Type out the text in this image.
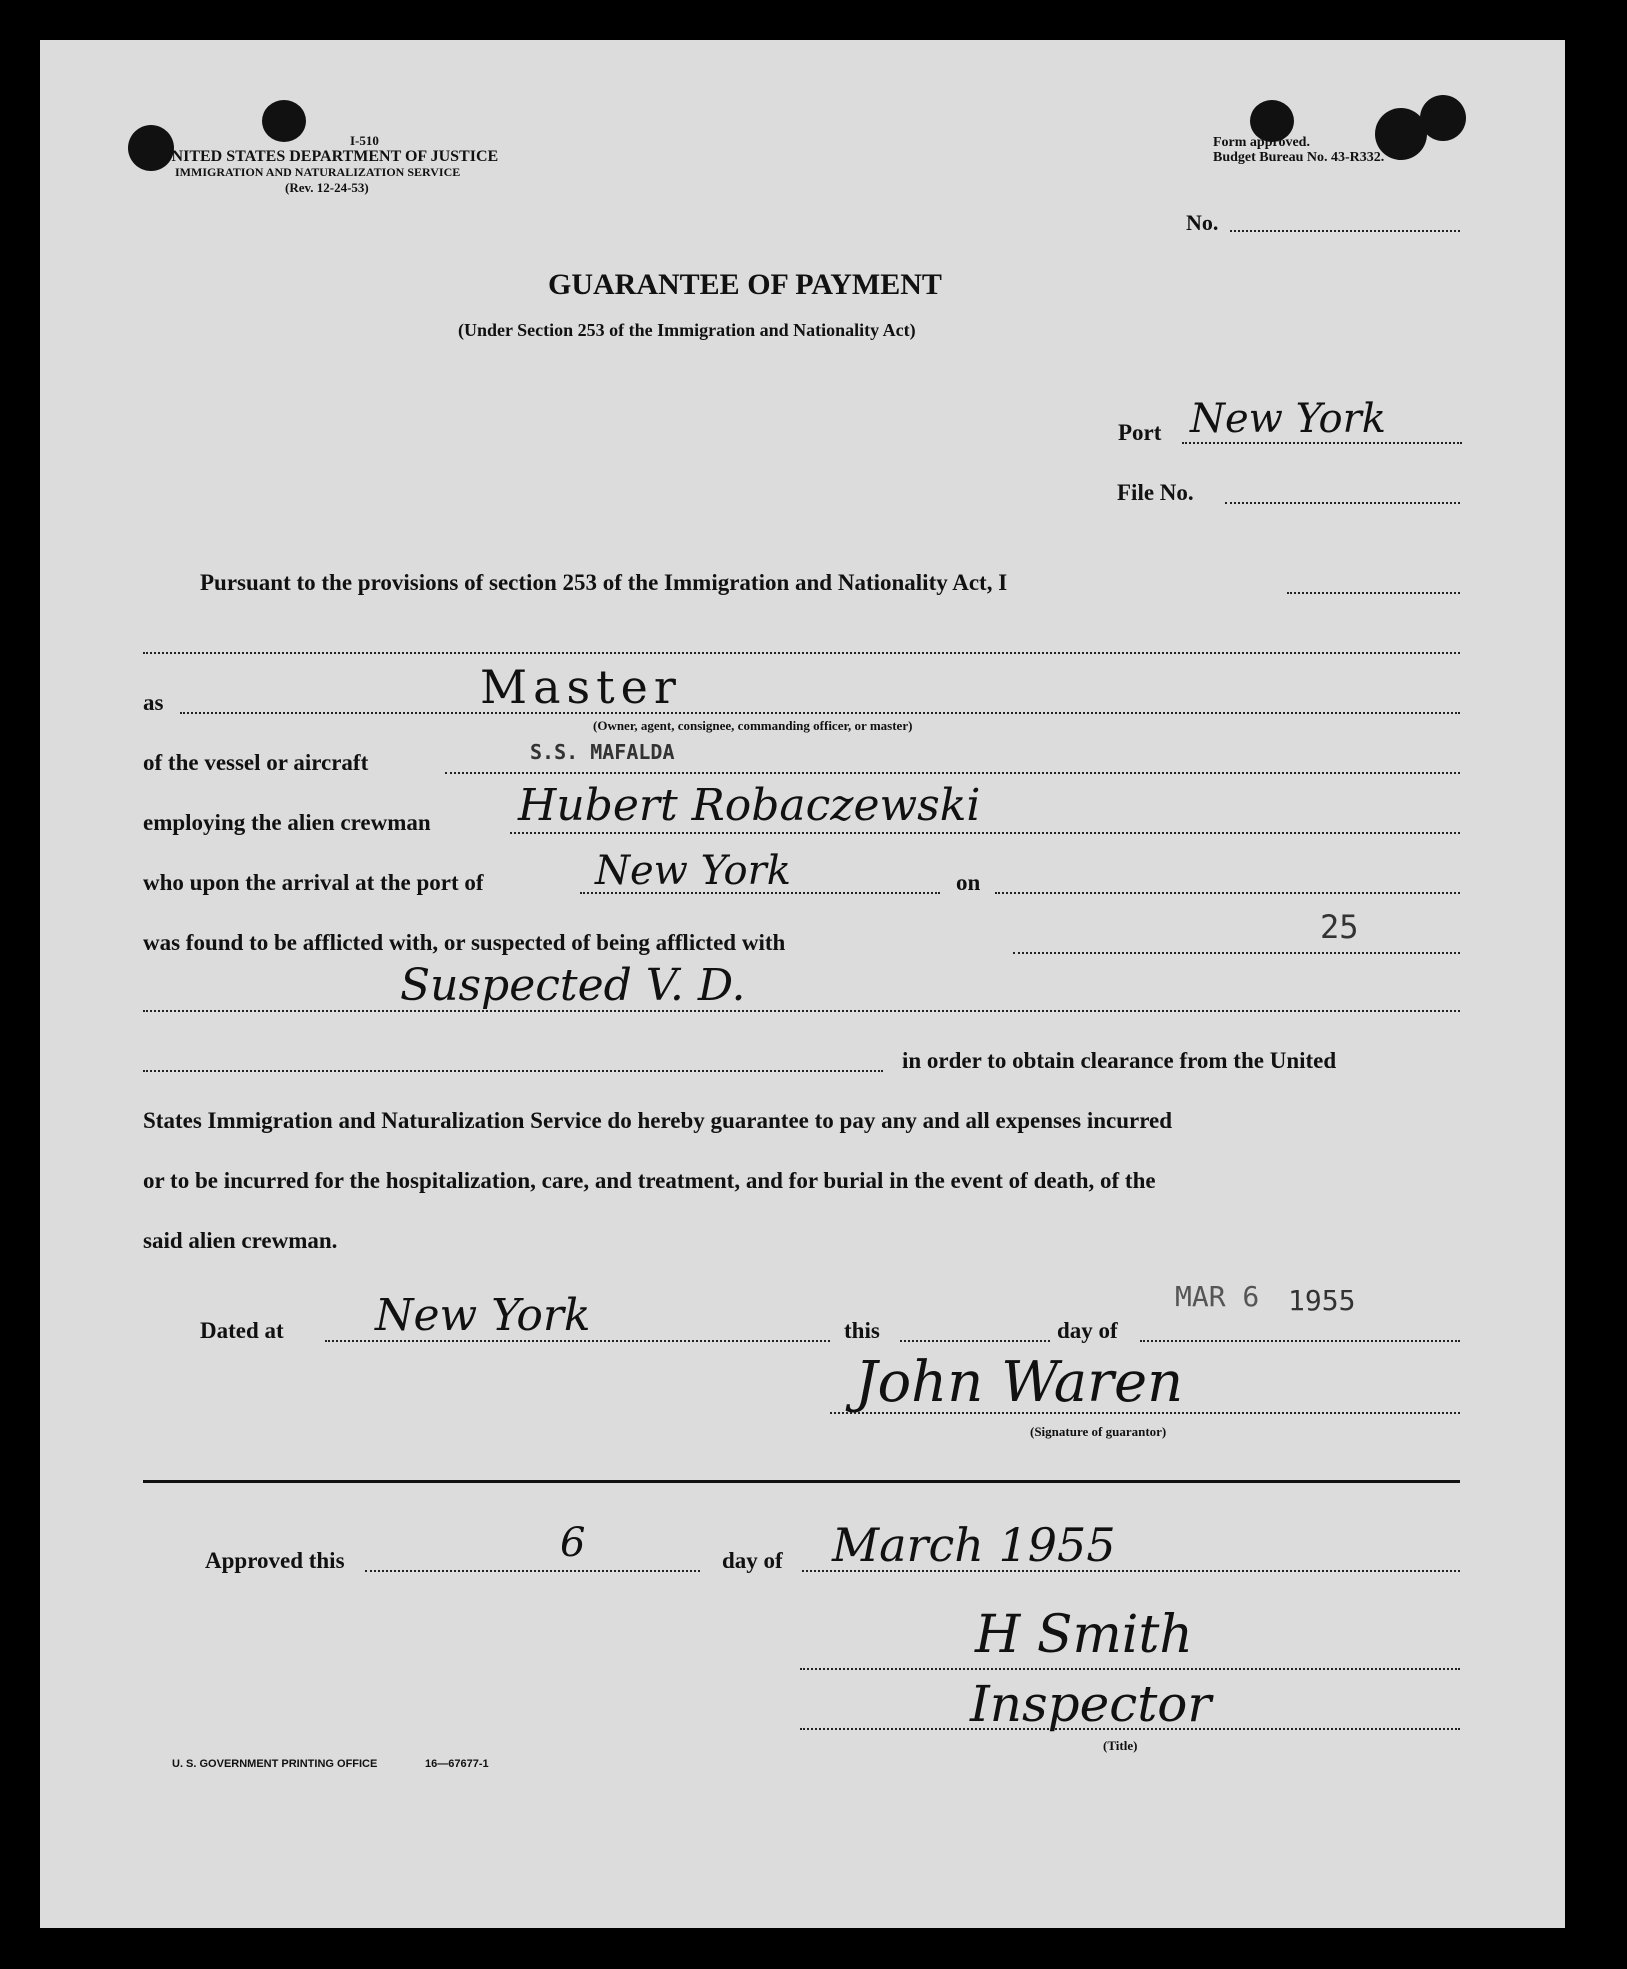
I-510
UNITED STATES DEPARTMENT OF JUSTICE
IMMIGRATION AND NATURALIZATION SERVICE
(Rev. 12-24-53)
Form approved.
Budget Bureau No. 43-R332.
No.
GUARANTEE OF PAYMENT
(Under Section 253 of the Immigration and Nationality Act)
Port New York
File No.
Pursuant to the provisions of section 253 of the Immigration and Nationality Act, I
as	Master
(Owner, agent, consignee, commanding officer, or master)
of the vessel or aircraft	S.S. MAFALDA
employing the alien crewman Hubert Robaczewski
who upon the arrival at the port of	New York	on
was found to be afflicted with, or suspected of being afflicted with	25
Suspected V. D.
in order to obtain clearance from the United
States Immigration and Naturalization Service do hereby guarantee to pay any and all expenses incurred
or to be incurred for the hospitalization, care, and treatment, and for burial in the event of death, of the
said alien crewman.
MAR 6 1955
Dated at New York	this	day of
John Waren
(Signature of guarantor)
Approved this	6	day of March 1955
H Smith
Inspector
(Title)
U. S. GOVERNMENT PRINTING OFFICE	16—67677-1
